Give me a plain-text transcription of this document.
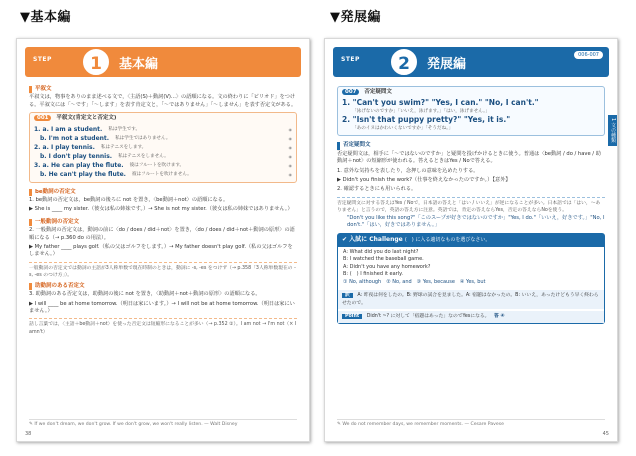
▼基本編	▼発展編
STEP	1	基本編
平叙文
平叙文は，物事をありのまま述べる文で，〈主語(S)＋動詞(V)...〉の語順になる。文の終わりに「ピリオド」をつける。平叙文には「～です」「～します」を表す肯定文と，「～ではありません」「～しません」を表す否定文がある。
001 平叙文(肯定文と否定文)
1. a. I am a student.	私は学生です。	◉
b. I'm not a student.	私は学生ではありません。	◉
2. a. I play tennis.	私はテニスをします。	◉
b. I don't play tennis.	私はテニスをしません。	◉
3. a. He can play the flute.	彼はフルートを吹けます。	◉
b. He can't play the flute.	彼はフルートを吹けません。	◉
be動詞の否定文
1. be動詞の否定文は，be動詞の後ろに not を置き，〈be動詞＋not〉の語順になる。
▶ She is ____ my sister.（彼女は私の姉妹です。）→ She is not my sister.（彼女は私の姉妹ではありません。）
一般動詞の否定文
2. 一般動詞の否定文は，動詞の前に〈do / does / did＋not〉を置き，〈do / does / did＋not＋動詞の原形〉の語順になる（→ p.360 do の用法）。
▶ My father ____ plays golf.（私の父はゴルフをします。）→ My father doesn't play golf.（私の父はゴルフをしません。）
一般動詞の否定文では動詞の主語が3人称単数で現在時制のときは，動詞に -s, -es をつけず（→ p.358「3人称単数現在の -s, -es のつけ方」）。
助動詞のある否定文
3. 助動詞のある否定文は，助動詞の後に not を置き，〈助動詞＋not＋動詞の原形〉の語順になる。
▶ I will ____ be at home tomorrow.（明日は家にいます。）→ I will not be at home tomorrow.（明日は家にいません。）
話し言葉では，〈主語＋be動詞＋not〉を使った否定文は短縮形になることが多い（→ p.352 ②）。I am not → I'm not（× I amn't）
✎ If we don't dream, we don't grow. If we don't grow, we won't really listen. — Walt Disney
38
STEP	2	発展編
006-007
1 文の種類
007 否定疑問文
1. "Can't you swim?" "Yes, I can." "No, I can't."
「泳げないのですか」「いいえ，泳げます。」「はい，泳げません。」
2. "Isn't that puppy pretty?" "Yes, it is."
「あのイヌはかわいくないですか」「そうだね。」
否定疑問文
否定疑問文は，相手に「～ではないのですか」と疑問を投げかけるときに使う。普通は〈be動詞 / do / have / 助動詞＋not〉の短縮形が使われる。答えるときはYes / Noで答える。
1. 意外な気持ちを表したり，念押しの意味を込めたりする。
▶ Didn't you finish the work?（仕事を終えなかったのですか。）【意外】
2. 確認するときにも用いられる。
否定疑問文に対する答えはYes / Noで，日本語の答えと「はい / いいえ」が逆になることが多い。日本語では「はい，～ありません」と言うので，英語の答え方に注意。英語では，肯定の答えならYes，否定の答えならNoを使う。
"Don't you like this song?"「このスープが好きではないのですか」"Yes, I do."「いいえ，好きです。」"No, I don't."「はい，好きではありません。」
✔ 入試に Challenge (　) に入る適切なものを選びなさい。
A: What did you do last night?
B: I watched the baseball game.
A: Didn't you have any homework?
B: (　) I finished it early.
① No, although　② No, and　③ Yes, because　④ Yes, but
訳 A: 昨夜は何をしたの。B: 野球の試合を見ました。A: 宿題はなかったの。B: いいえ，あったけどもう早く終わらせたので。
Point Didn't ~? に対して「宿題はあった」なのでYesになる。 答 ④
✎ We do not remember days, we remember moments. — Cesare Pavese
45
